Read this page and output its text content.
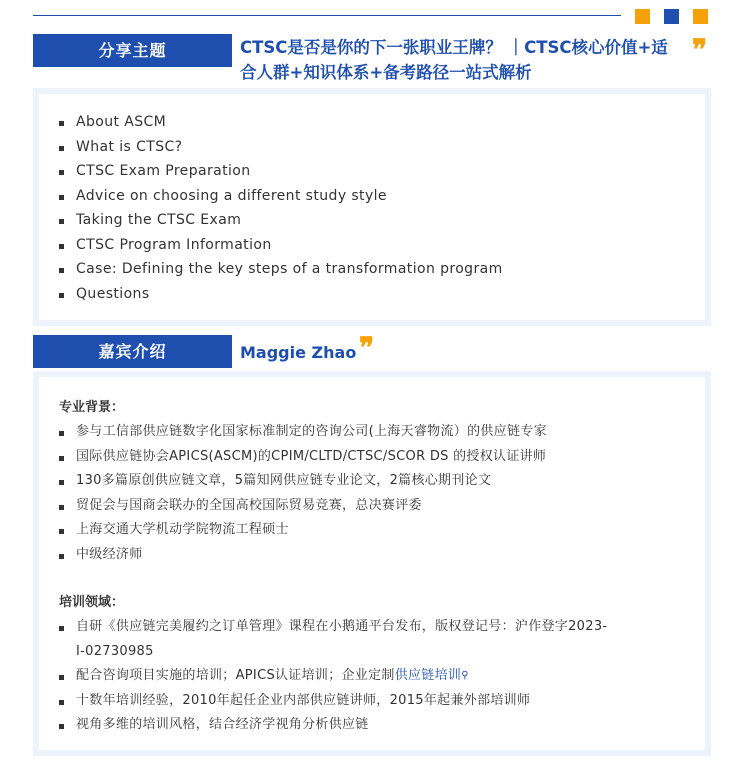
分享主题	CTSC是否是你的下一张职业王牌？ ｜CTSC核心价值+适
合人群+知识体系+备考路径一站式解析
❞
About ASCM
What is CTSC?
CTSC Exam Preparation
Advice on choosing a different study style
Taking the CTSC Exam
CTSC Program Information
Case: Defining the key steps of a transformation program
Questions
嘉宾介绍	Maggie Zhao ❞
专业背景：
参与工信部供应链数字化国家标准制定的咨询公司(上海天睿物流）的供应链专家
国际供应链协会APICS(ASCM)的CPIM/CLTD/CTSC/SCOR DS 的授权认证讲师
130多篇原创供应链文章，5篇知网供应链专业论文，2篇核心期刊论文
贸促会与国商会联办的全国高校国际贸易竞赛，总决赛评委
上海交通大学机动学院物流工程硕士
中级经济师
培训领域：
自研《供应链完美履约之订单管理》课程在小鹅通平台发布，版权登记号：沪作登字2023-
I-02730985
配合咨询项目实施的培训；APICS认证培训；企业定制供应链培训⚲
十数年培训经验，2010年起任企业内部供应链讲师，2015年起兼外部培训师
视角多维的培训风格，结合经济学视角分析供应链
